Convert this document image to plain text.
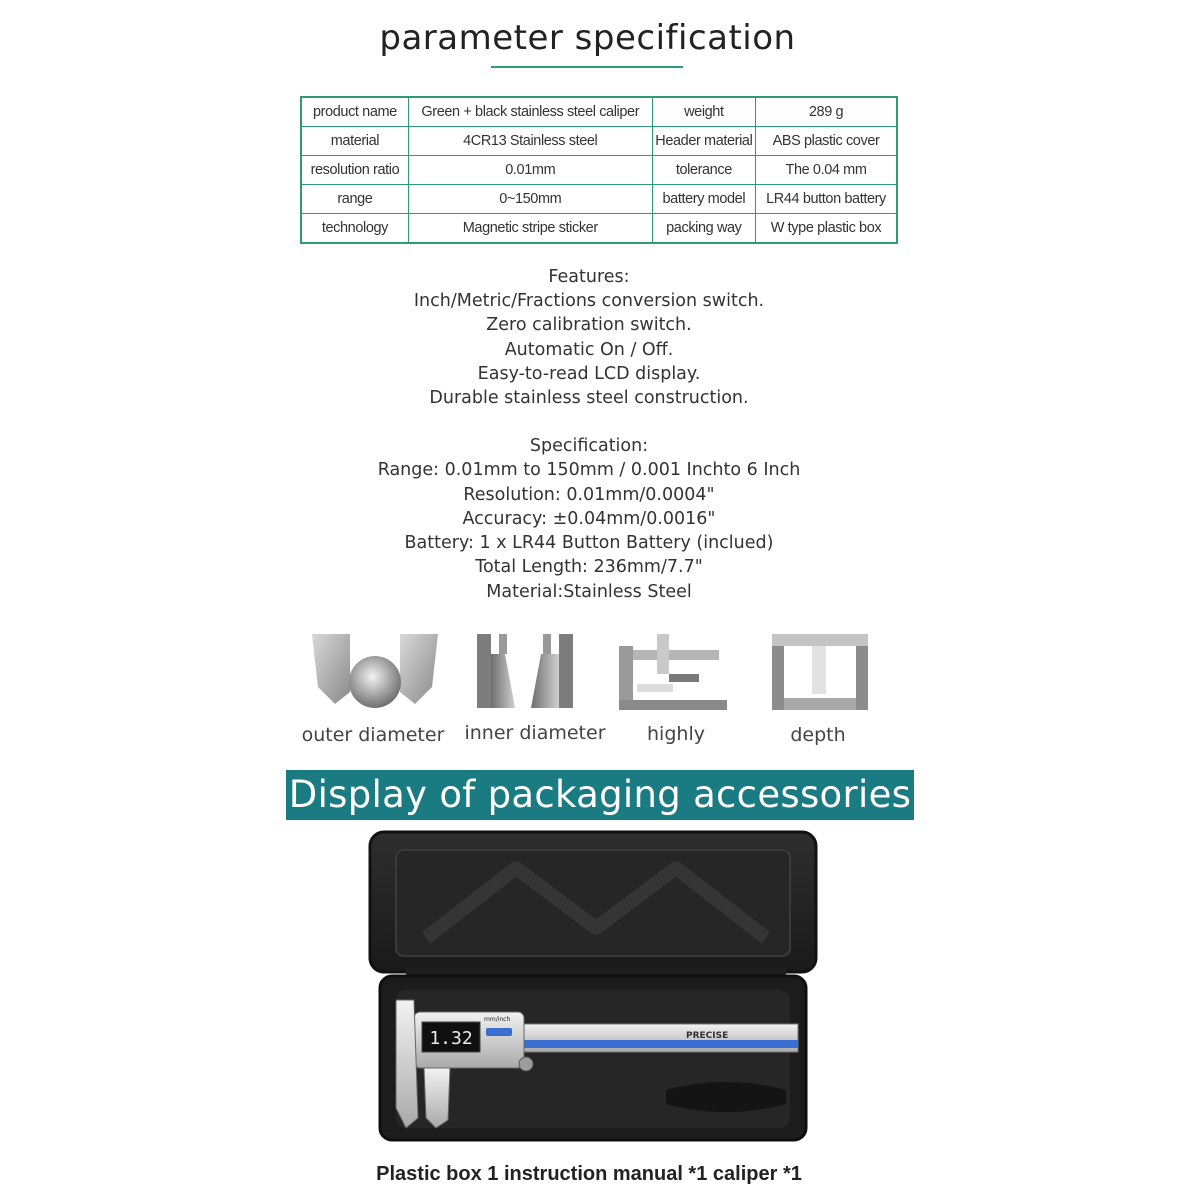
parameter specification
product name	Green + black stainless steel caliper	weight	289 g
material	4CR13 Stainless steel	Header material	ABS plastic cover
resolution ratio	0.01mm	tolerance	The 0.04 mm
range	0~150mm	battery model	LR44 button battery
technology	Magnetic stripe sticker	packing way	W type plastic box

Features:

Inch/Metric/Fractions conversion switch.

Zero calibration switch.

Automatic On / Off.

Easy-to-read LCD display.

Durable stainless steel construction.

Specification:

Range: 0.01mm to 150mm / 0.001 Inchto 6 Inch

Resolution: 0.01mm/0.0004"

Accuracy: ±0.04mm/0.0016"

Battery: 1 x LR44 Button Battery (inclued)

Total Length: 236mm/7.7"

Material:Stainless Steel

outer diameter	inner diameter	highly	depth
Display of packaging accessories
PRECISE
1.32
mm/inch
Plastic box 1 instruction manual *1 caliper *1
